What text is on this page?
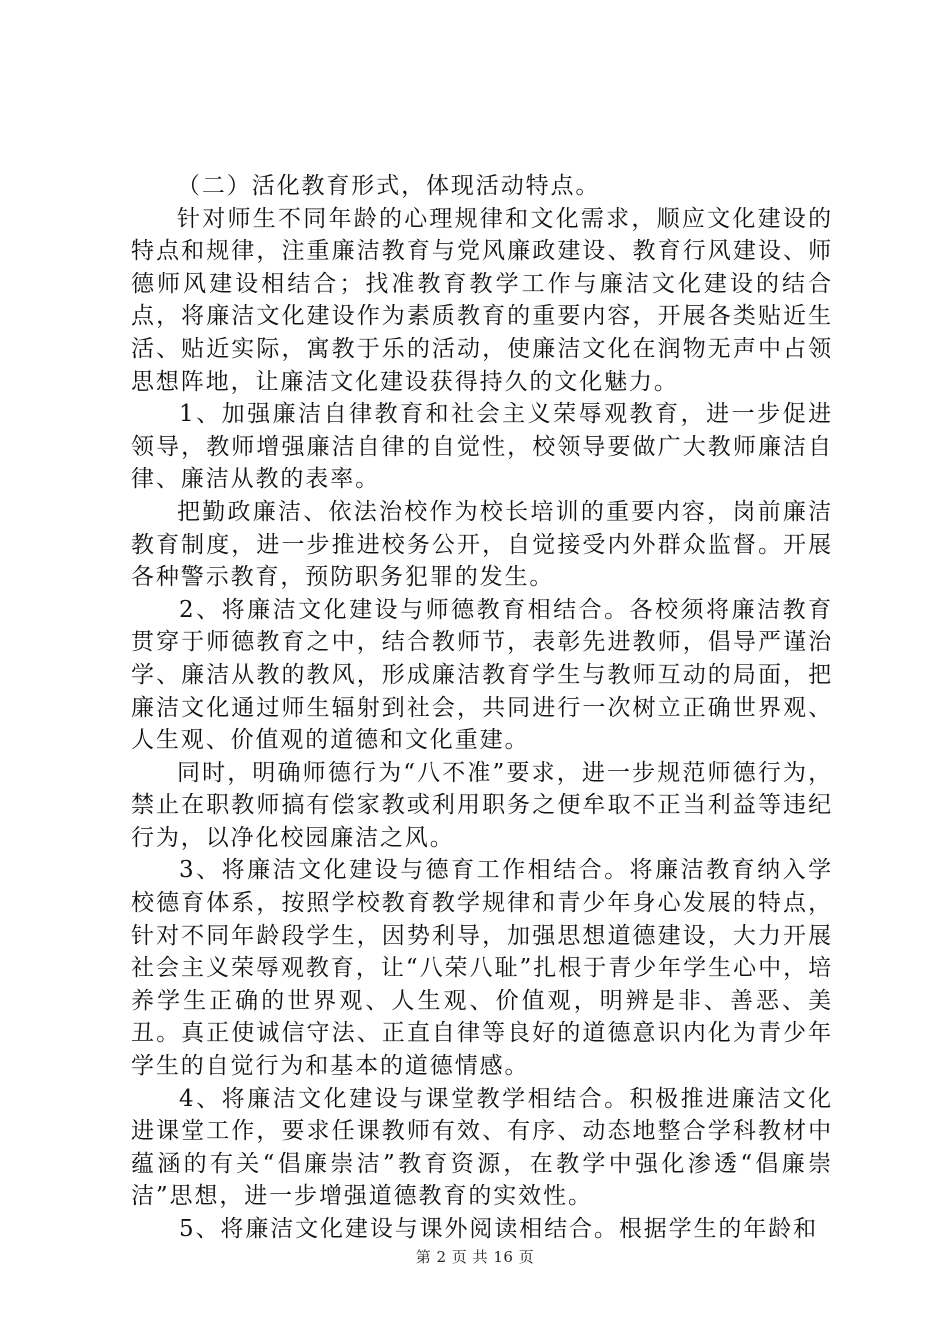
（二）活化教育形式，体现活动特点。

针对师生不同年龄的心理规律和文化需求，顺应文化建设的特点和规律，注重廉洁教育与党风廉政建设、教育行风建设、师德师风建设相结合；找准教育教学工作与廉洁文化建设的结合点，将廉洁文化建设作为素质教育的重要内容，开展各类贴近生活、贴近实际，寓教于乐的活动，使廉洁文化在润物无声中占领思想阵地，让廉洁文化建设获得持久的文化魅力。

1、加强廉洁自律教育和社会主义荣辱观教育，进一步促进领导，教师增强廉洁自律的自觉性，校领导要做广大教师廉洁自律、廉洁从教的表率。

把勤政廉洁、依法治校作为校长培训的重要内容，岗前廉洁教育制度，进一步推进校务公开，自觉接受内外群众监督。开展各种警示教育，预防职务犯罪的发生。

2、将廉洁文化建设与师德教育相结合。各校须将廉洁教育贯穿于师德教育之中，结合教师节，表彰先进教师，倡导严谨治学、廉洁从教的教风，形成廉洁教育学生与教师互动的局面，把廉洁文化通过师生辐射到社会，共同进行一次树立正确世界观、人生观、价值观的道德和文化重建。

同时，明确师德行为“八不准”要求，进一步规范师德行为，禁止在职教师搞有偿家教或利用职务之便牟取不正当利益等违纪行为，以净化校园廉洁之风。

3、将廉洁文化建设与德育工作相结合。将廉洁教育纳入学校德育体系，按照学校教育教学规律和青少年身心发展的特点，针对不同年龄段学生，因势利导，加强思想道德建设，大力开展社会主义荣辱观教育，让“八荣八耻”扎根于青少年学生心中，培养学生正确的世界观、人生观、价值观，明辨是非、善恶、美丑。真正使诚信守法、正直自律等良好的道德意识内化为青少年学生的自觉行为和基本的道德情感。

4、将廉洁文化建设与课堂教学相结合。积极推进廉洁文化进课堂工作，要求任课教师有效、有序、动态地整合学科教材中蕴涵的有关“倡廉崇洁”教育资源，在教学中强化渗透“倡廉崇洁”思想，进一步增强道德教育的实效性。

5、将廉洁文化建设与课外阅读相结合。根据学生的年龄和

第 2 页 共 16 页
